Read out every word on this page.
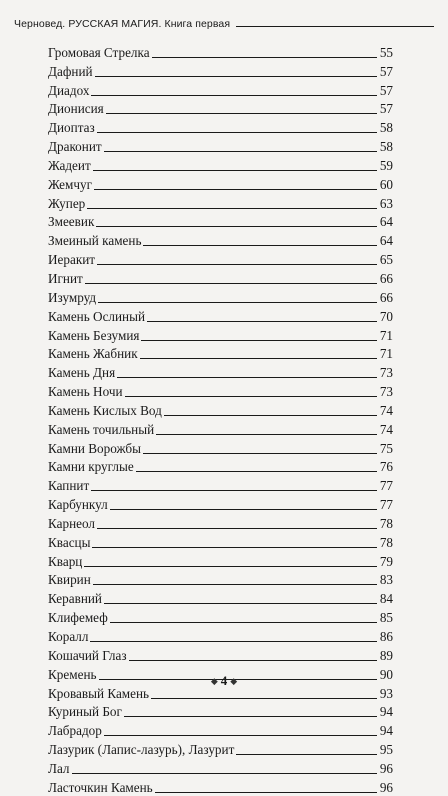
Черновед. РУССКАЯ МАГИЯ. Книга первая
Громовая Стрелка	55
Дафний	57
Диадох	57
Дионисия	57
Диоптаз	58
Драконит	58
Жадеит	59
Жемчуг	60
Жупер	63
Змеевик	64
Змеиный камень	64
Иеракит	65
Игнит	66
Изумруд	66
Камень Ослиный	70
Камень Безумия	71
Камень Жабник	71
Камень Дня	73
Камень Ночи	73
Камень Кислых Вод	74
Камень точильный	74
Камни Ворожбы	75
Камни круглые	76
Капнит	77
Карбункул	77
Карнеол	78
Квасцы	78
Кварц	79
Квирин	83
Керавний	84
Клифемеф	85
Коралл	86
Кошачий Глаз	89
Кремень	90
Кровавый Камень	93
Куриный Бог	94
Лабрадор	94
Лазурик (Лапис-лазурь), Лазурит	95
Лал	96
Ласточкин Камень	96
◆ 4 ◆
